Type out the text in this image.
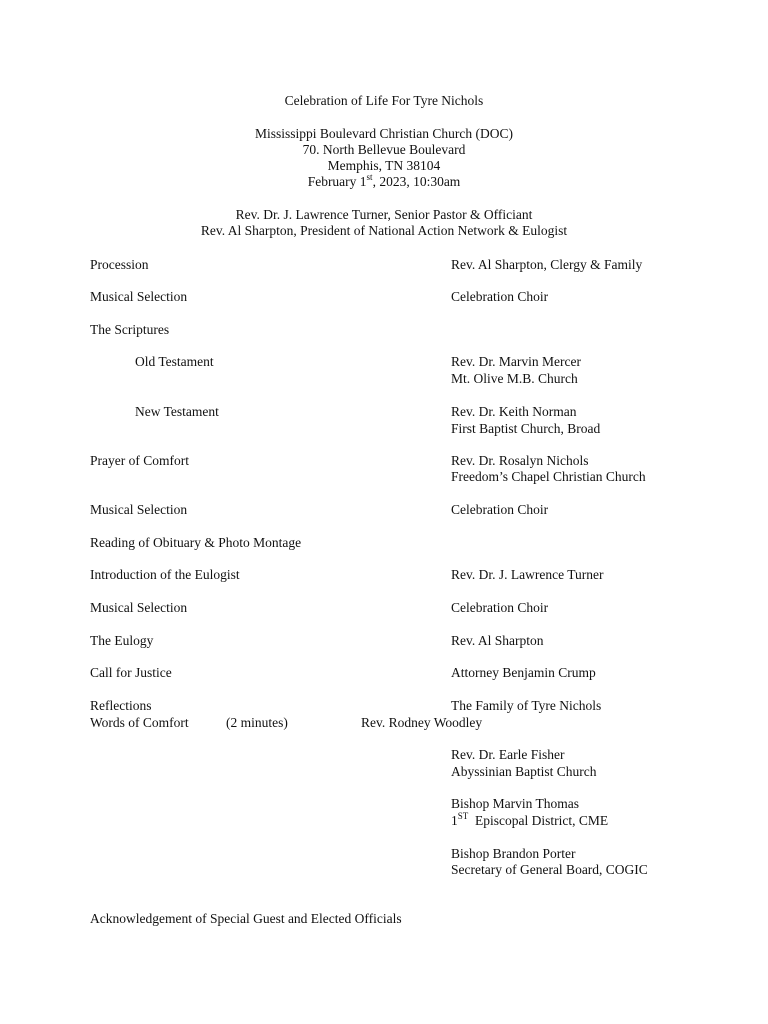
Celebration of Life For Tyre Nichols
Mississippi Boulevard Christian Church (DOC)
70. North Bellevue Boulevard
Memphis, TN 38104
February 1st, 2023, 10:30am
Rev. Dr. J. Lawrence Turner, Senior Pastor & Officiant
Rev. Al Sharpton, President of National Action Network & Eulogist
Procession	Rev. Al Sharpton, Clergy & Family
Musical Selection	Celebration Choir
The Scriptures
Old Testament	Rev. Dr. Marvin Mercer
Mt. Olive M.B. Church
New Testament	Rev. Dr. Keith Norman
First Baptist Church, Broad
Prayer of Comfort	Rev. Dr. Rosalyn Nichols
Freedom’s Chapel Christian Church
Musical Selection	Celebration Choir
Reading of Obituary & Photo Montage
Introduction of the Eulogist	Rev. Dr. J. Lawrence Turner
Musical Selection	Celebration Choir
The Eulogy	Rev. Al Sharpton
Call for Justice	Attorney Benjamin Crump
Reflections	The Family of Tyre Nichols
Words of Comfort	(2 minutes)	Rev. Rodney Woodley
Rev. Dr. Earle Fisher
Abyssinian Baptist Church
Bishop Marvin Thomas
1ST  Episcopal District, CME
Bishop Brandon Porter
Secretary of General Board, COGIC
Acknowledgement of Special Guest and Elected Officials
